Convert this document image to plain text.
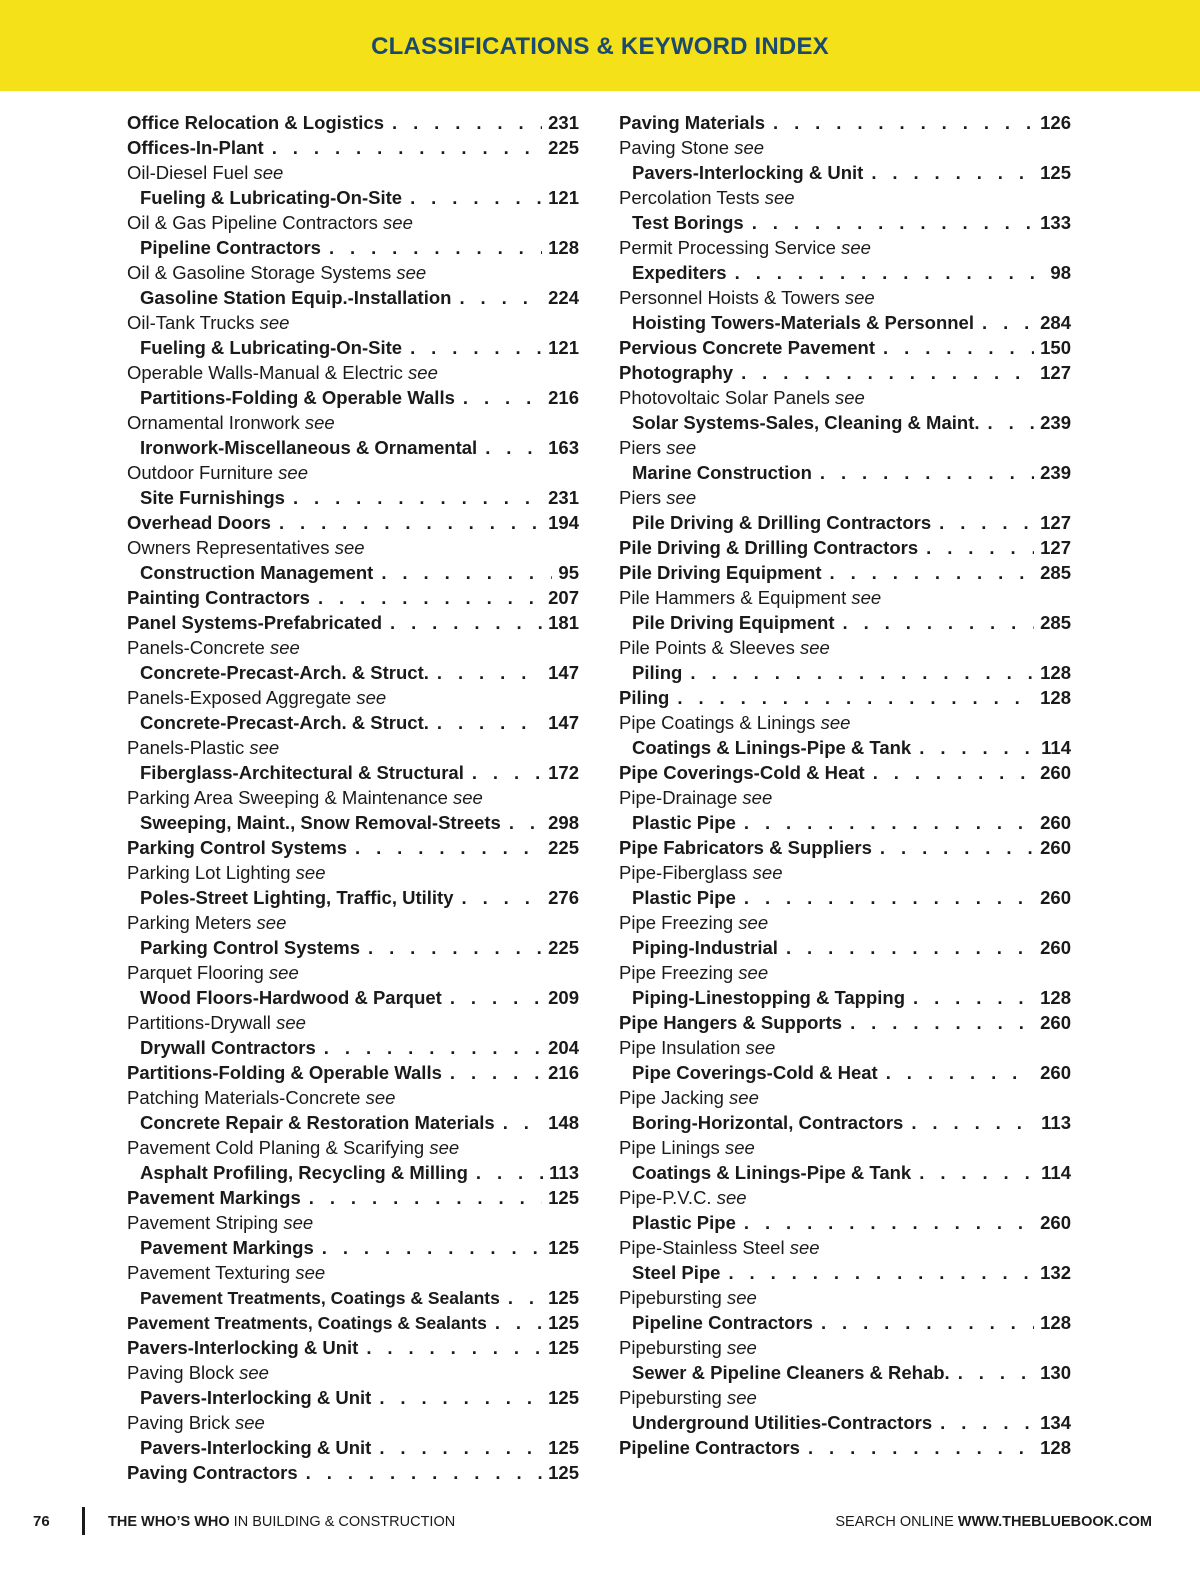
CLASSIFICATIONS & KEYWORD INDEX
Office Relocation & Logistics . . .	231
Offices-In-Plant . . .	225
Oil-Diesel Fuel see
Fueling & Lubricating-On-Site . . .	121
Oil & Gas Pipeline Contractors see
Pipeline Contractors . . .	128
Oil & Gasoline Storage Systems see
Gasoline Station Equip.-Installation . . .	224
Oil-Tank Trucks see
Fueling & Lubricating-On-Site . . .	121
Operable Walls-Manual & Electric see
Partitions-Folding & Operable Walls . . .	216
Ornamental Ironwork see
Ironwork-Miscellaneous & Ornamental . . .	163
Outdoor Furniture see
Site Furnishings . . .	231
Overhead Doors . . .	194
Owners Representatives see
Construction Management . . .	95
Painting Contractors . . .	207
Panel Systems-Prefabricated . . .	181
Panels-Concrete see
Concrete-Precast-Arch. & Struct. . . .	147
Panels-Exposed Aggregate see
Concrete-Precast-Arch. & Struct. . . .	147
Panels-Plastic see
Fiberglass-Architectural & Structural . . .	172
Parking Area Sweeping & Maintenance see
Sweeping, Maint., Snow Removal-Streets . . .	298
Parking Control Systems . . .	225
Parking Lot Lighting see
Poles-Street Lighting, Traffic, Utility . . .	276
Parking Meters see
Parking Control Systems . . .	225
Parquet Flooring see
Wood Floors-Hardwood & Parquet . . .	209
Partitions-Drywall see
Drywall Contractors . . .	204
Partitions-Folding & Operable Walls . . .	216
Patching Materials-Concrete see
Concrete Repair & Restoration Materials . . .	148
Pavement Cold Planing & Scarifying see
Asphalt Profiling, Recycling & Milling . . .	113
Pavement Markings . . .	125
Pavement Striping see
Pavement Markings . . .	125
Pavement Texturing see
Pavement Treatments, Coatings & Sealants . . .	125
Pavement Treatments, Coatings & Sealants . . .	125
Pavers-Interlocking & Unit . . .	125
Paving Block see
Pavers-Interlocking & Unit . . .	125
Paving Brick see
Pavers-Interlocking & Unit . . .	125
Paving Contractors . . .	125
Paving Materials . . .	126
Paving Stone see
Pavers-Interlocking & Unit . . .	125
Percolation Tests see
Test Borings . . .	133
Permit Processing Service see
Expediters . . .	98
Personnel Hoists & Towers see
Hoisting Towers-Materials & Personnel . . .	284
Pervious Concrete Pavement . . .	150
Photography . . .	127
Photovoltaic Solar Panels see
Solar Systems-Sales, Cleaning & Maint. . . .	239
Piers see
Marine Construction . . .	239
Piers see
Pile Driving & Drilling Contractors . . .	127
Pile Driving & Drilling Contractors . . .	127
Pile Driving Equipment . . .	285
Pile Hammers & Equipment see
Pile Driving Equipment . . .	285
Pile Points & Sleeves see
Piling . . .	128
Piling . . .	128
Pipe Coatings & Linings see
Coatings & Linings-Pipe & Tank . . .	114
Pipe Coverings-Cold & Heat . . .	260
Pipe-Drainage see
Plastic Pipe . . .	260
Pipe Fabricators & Suppliers . . .	260
Pipe-Fiberglass see
Plastic Pipe . . .	260
Pipe Freezing see
Piping-Industrial . . .	260
Pipe Freezing see
Piping-Linestopping & Tapping . . .	128
Pipe Hangers & Supports . . .	260
Pipe Insulation see
Pipe Coverings-Cold & Heat . . .	260
Pipe Jacking see
Boring-Horizontal, Contractors . . .	113
Pipe Linings see
Coatings & Linings-Pipe & Tank . . .	114
Pipe-P.V.C. see
Plastic Pipe . . .	260
Pipe-Stainless Steel see
Steel Pipe . . .	132
Pipebursting see
Pipeline Contractors . . .	128
Pipebursting see
Sewer & Pipeline Cleaners & Rehab. . . .	130
Pipebursting see
Underground Utilities-Contractors . . .	134
Pipeline Contractors . . .	128
76	THE WHO’S WHO IN BUILDING & CONSTRUCTION	SEARCH ONLINE WWW.THEBLUEBOOK.COM
